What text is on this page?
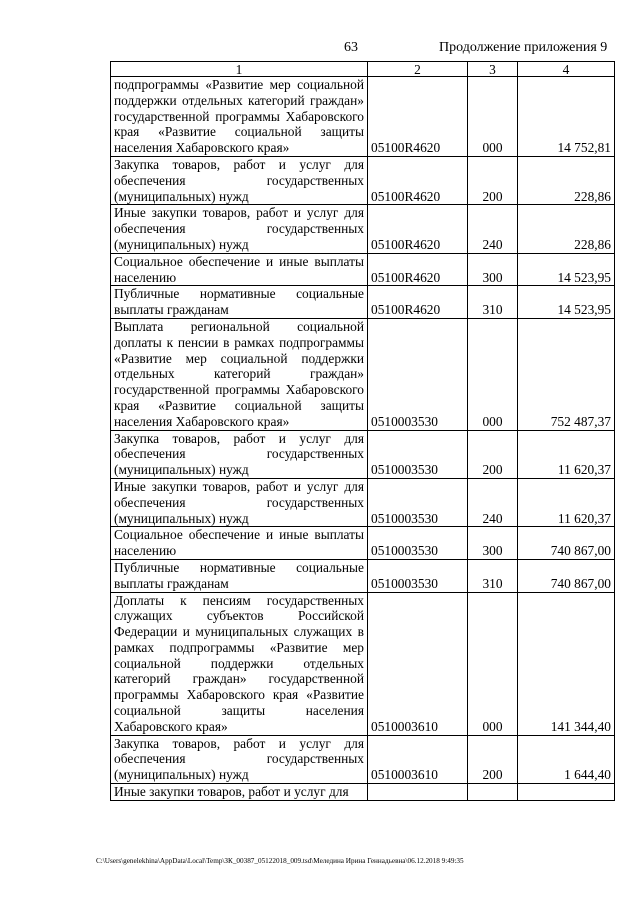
63	Продолжение приложения 9
1	2	3	4
подпрограммы «Развитие мер социальной поддержки отдельных категорий граждан» государственной программы Хабаровского края «Развитие социальной защиты населения Хабаровского края»	05100R4620	000	14 752,81
Закупка товаров, работ и услуг для обеспечения государственных (муниципальных) нужд	05100R4620	200	228,86
Иные закупки товаров, работ и услуг для обеспечения государственных (муниципальных) нужд	05100R4620	240	228,86
Социальное обеспечение и иные выплаты населению	05100R4620	300	14 523,95
Публичные нормативные социальные выплаты гражданам	05100R4620	310	14 523,95
Выплата региональной социальной доплаты к пенсии в рамках подпрограммы «Развитие мер социальной поддержки отдельных категорий граждан» государственной программы Хабаровского края «Развитие социальной защиты населения Хабаровского края»	0510003530	000	752 487,37
Закупка товаров, работ и услуг для обеспечения государственных (муниципальных) нужд	0510003530	200	11 620,37
Иные закупки товаров, работ и услуг для обеспечения государственных (муниципальных) нужд	0510003530	240	11 620,37
Социальное обеспечение и иные выплаты населению	0510003530	300	740 867,00
Публичные нормативные социальные выплаты гражданам	0510003530	310	740 867,00
Доплаты к пенсиям государственных служащих субъектов Российской Федерации и муниципальных служащих в рамках подпрограммы «Развитие мер социальной поддержки отдельных категорий граждан» государственной программы Хабаровского края «Развитие социальной защиты населения Хабаровского края»	0510003610	000	141 344,40
Закупка товаров, работ и услуг для обеспечения государственных (муниципальных) нужд	0510003610	200	1 644,40
Иные закупки товаров, работ и услуг для			
C:\Users\genelekhina\AppData\Local\Temp\ЗК_00387_05122018_009.tsd\Меледина Ирина Геннадьевна\06.12.2018 9:49:35
